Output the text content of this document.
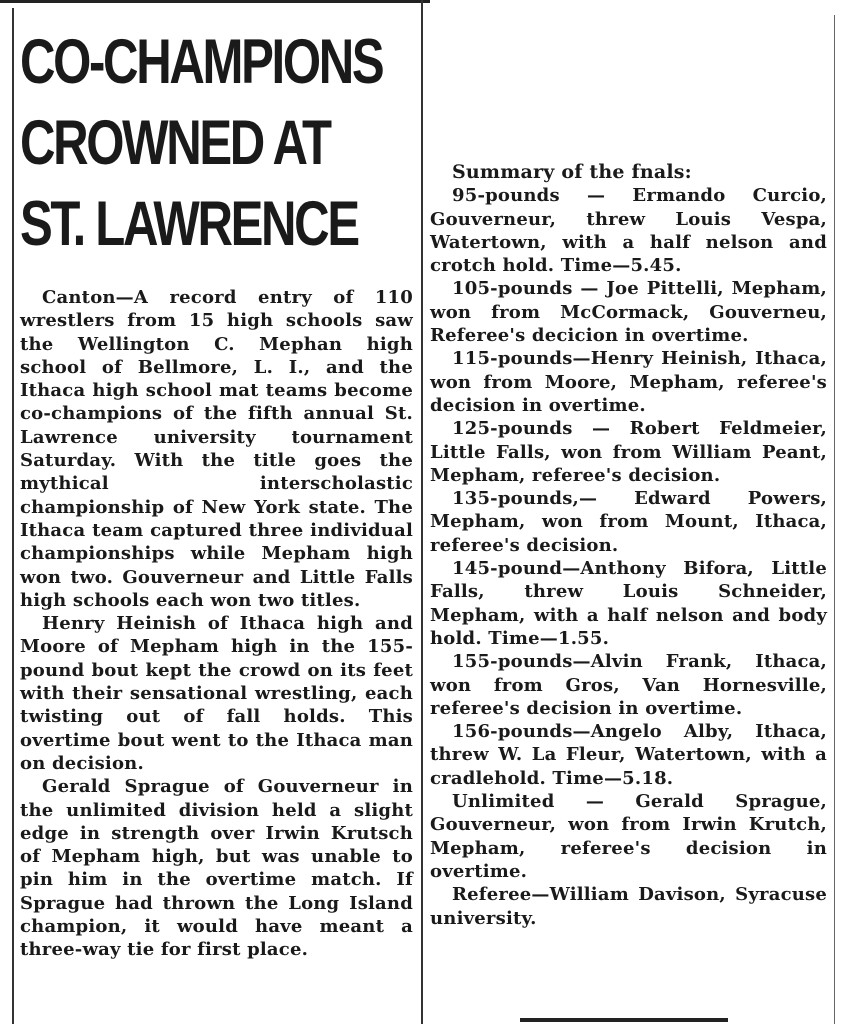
CO-CHAMPIONS
CROWNED AT
ST. LAWRENCE

Canton—A record entry of 110 wrestlers from 15 high schools saw the Wellington C. Mephan high school of Bellmore, L. I., and the Ithaca high school mat teams become co-champions of the fifth annual St. Lawrence university tournament Saturday. With the title goes the mythical interscholastic championship of New York state. The Ithaca team captured three individual championships while Mepham high won two. Gouverneur and Little Falls high schools each won two titles.

Henry Heinish of Ithaca high and Moore of Mepham high in the 155-pound bout kept the crowd on its feet with their sensational wrestling, each twisting out of fall holds. This overtime bout went to the Ithaca man on decision.

Gerald Sprague of Gouverneur in the unlimited division held a slight edge in strength over Irwin Krutsch of Mepham high, but was unable to pin him in the overtime match. If Sprague had thrown the Long Island champion, it would have meant a three-way tie for first place.

Summary of the fnals:

95-pounds — Ermando Curcio, Gouverneur, threw Louis Vespa, Watertown, with a half nelson and crotch hold. Time—5.45.

105-pounds — Joe Pittelli, Mepham, won from McCormack, Gouverneu, Referee's decicion in overtime.

115-pounds—Henry Heinish, Ithaca, won from Moore, Mepham, referee's decision in overtime.

125-pounds — Robert Feldmeier, Little Falls, won from William Peant, Mepham, referee's decision.

135-pounds,— Edward Powers, Mepham, won from Mount, Ithaca, referee's decision.

145-pound—Anthony Bifora, Little Falls, threw Louis Schneider, Mepham, with a half nelson and body hold. Time—1.55.

155-pounds—Alvin Frank, Ithaca, won from Gros, Van Hornesville, referee's decision in overtime.

156-pounds—Angelo Alby, Ithaca, threw W. La Fleur, Watertown, with a cradlehold. Time—5.18.

Unlimited — Gerald Sprague, Gouverneur, won from Irwin Krutch, Mepham, referee's decision in overtime.

Referee—William Davison, Syracuse university.
